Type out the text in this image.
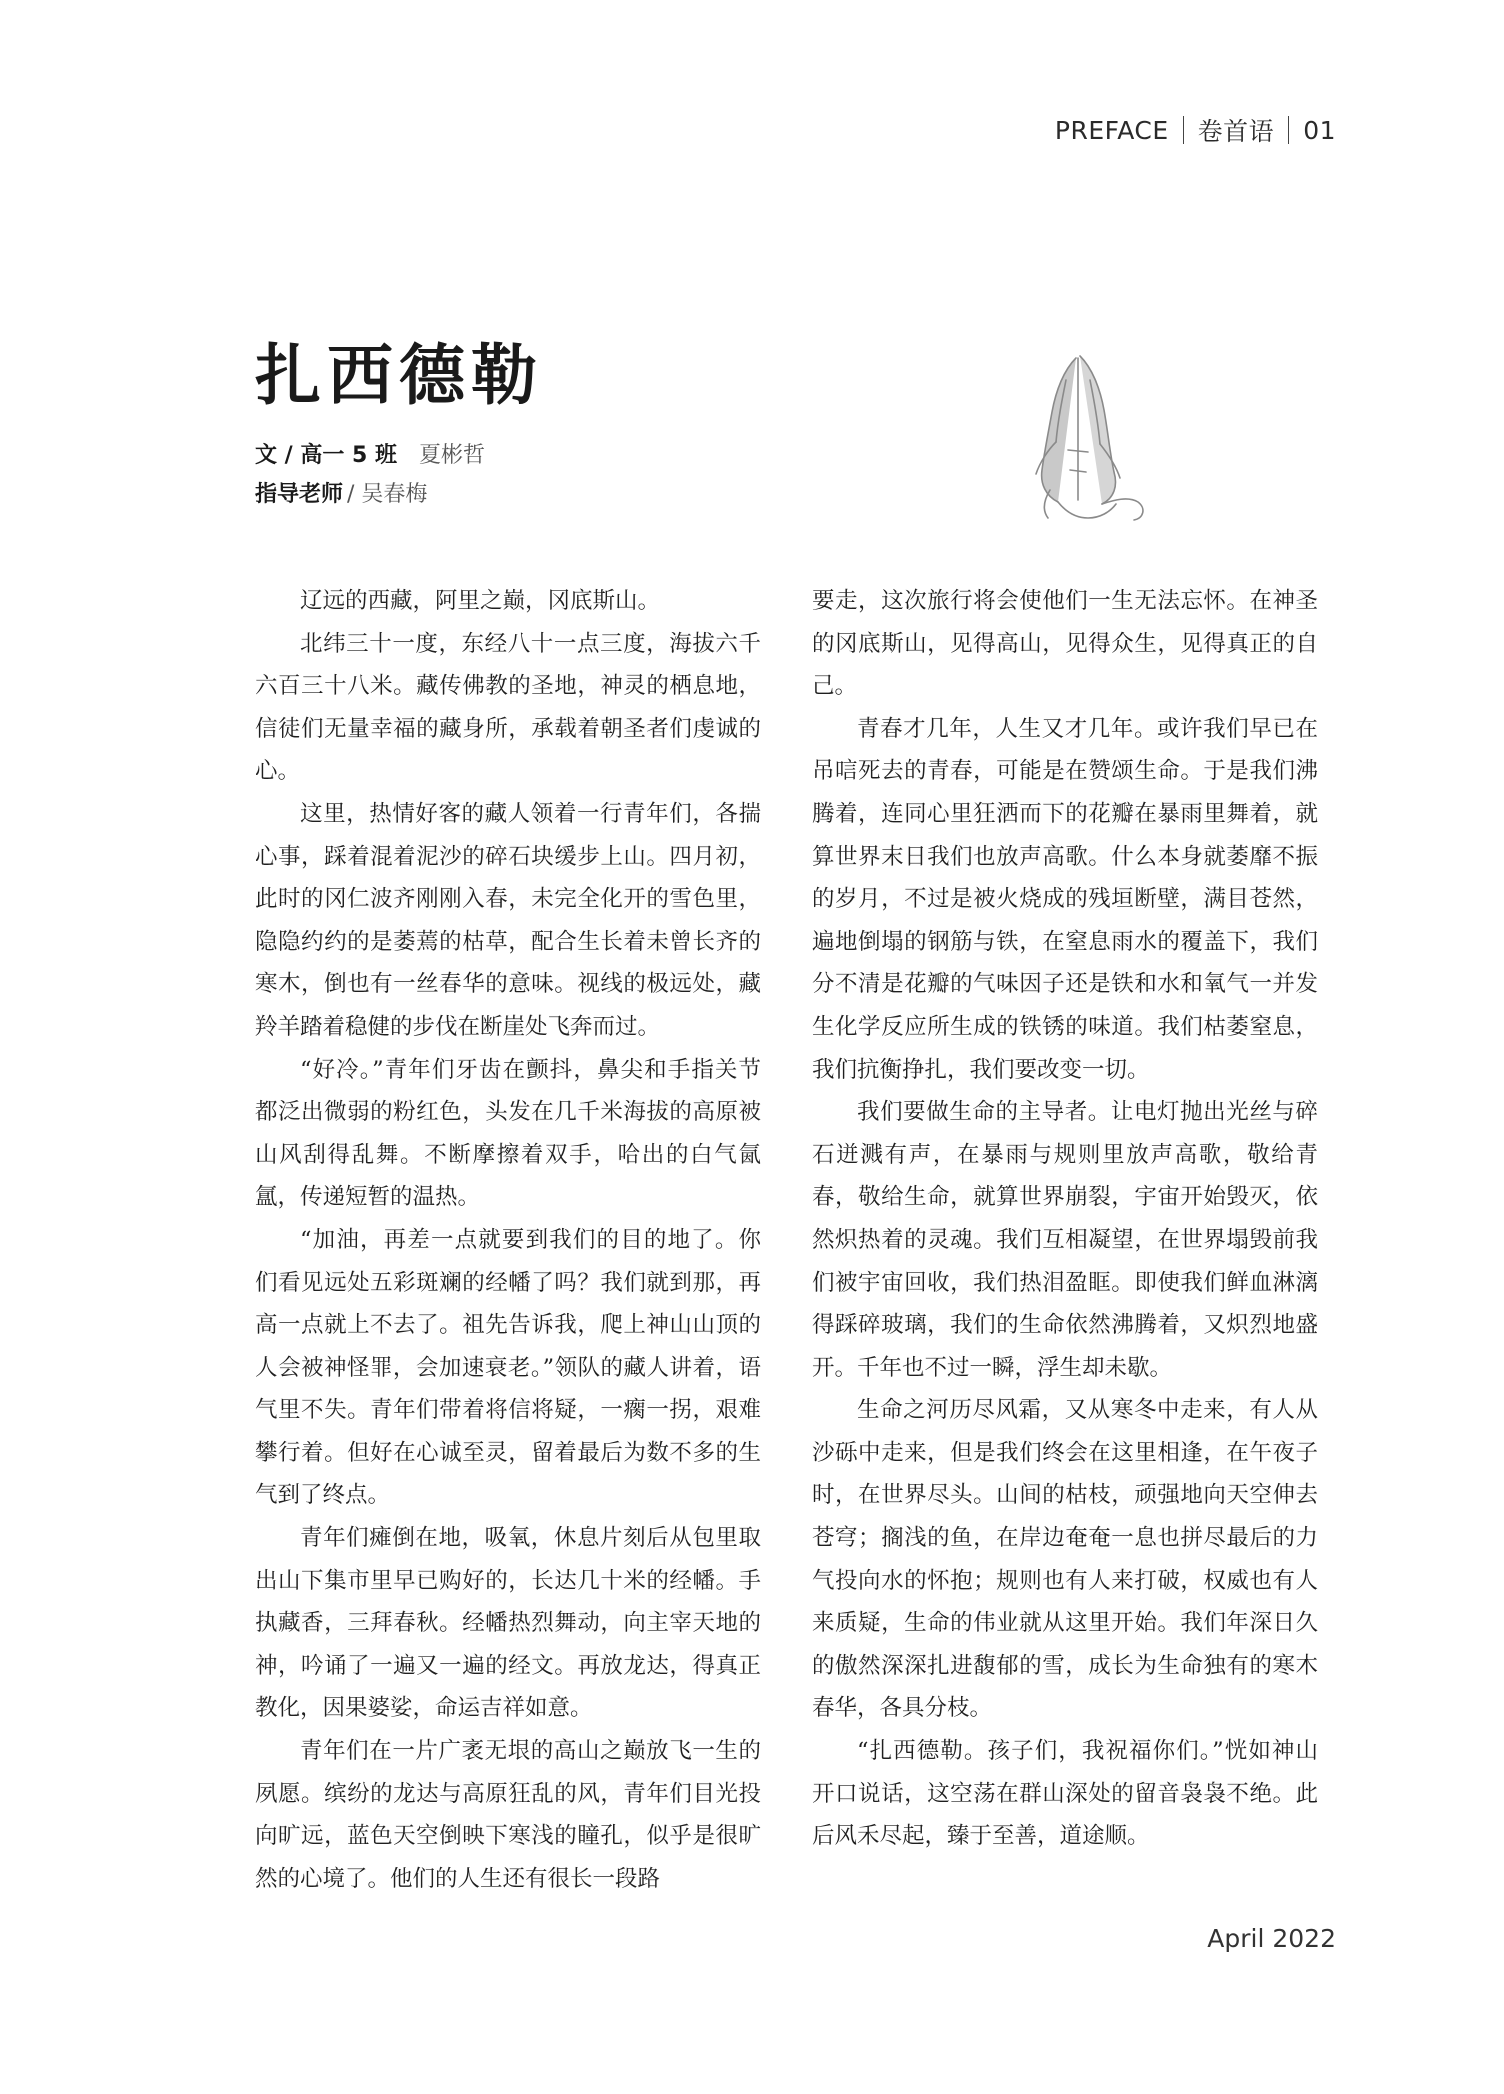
PREFACE 卷首语 01
扎西德勒
文 / 高一 5 班 夏彬哲
指导老师 / 吴春梅

辽远的西藏，阿里之巅，冈底斯山。

北纬三十一度，东经八十一点三度，海拔六千六百三十八米。藏传佛教的圣地，神灵的栖息地，信徒们无量幸福的藏身所，承载着朝圣者们虔诚的心。

这里，热情好客的藏人领着一行青年们，各揣心事，踩着混着泥沙的碎石块缓步上山。四月初，此时的冈仁波齐刚刚入春，未完全化开的雪色里，隐隐约约的是萎蔫的枯草，配合生长着未曾长齐的寒木，倒也有一丝春华的意味。视线的极远处，藏羚羊踏着稳健的步伐在断崖处飞奔而过。

“好冷。”青年们牙齿在颤抖，鼻尖和手指关节都泛出微弱的粉红色，头发在几千米海拔的高原被山风刮得乱舞。不断摩擦着双手，哈出的白气氤氲，传递短暂的温热。

“加油，再差一点就要到我们的目的地了。你们看见远处五彩斑斓的经幡了吗？我们就到那，再高一点就上不去了。祖先告诉我，爬上神山山顶的人会被神怪罪，会加速衰老。”领队的藏人讲着，语气里不失。青年们带着将信将疑，一瘸一拐，艰难攀行着。但好在心诚至灵，留着最后为数不多的生气到了终点。

青年们瘫倒在地，吸氧，休息片刻后从包里取出山下集市里早已购好的，长达几十米的经幡。手执藏香，三拜春秋。经幡热烈舞动，向主宰天地的神，吟诵了一遍又一遍的经文。再放龙达，得真正教化，因果婆娑，命运吉祥如意。

青年们在一片广袤无垠的高山之巅放飞一生的夙愿。缤纷的龙达与高原狂乱的风，青年们目光投向旷远，蓝色天空倒映下寒浅的瞳孔，似乎是很旷然的心境了。他们的人生还有很长一段路

要走，这次旅行将会使他们一生无法忘怀。在神圣的冈底斯山，见得高山，见得众生，见得真正的自己。

青春才几年，人生又才几年。或许我们早已在吊唁死去的青春，可能是在赞颂生命。于是我们沸腾着，连同心里狂洒而下的花瓣在暴雨里舞着，就算世界末日我们也放声高歌。什么本身就萎靡不振的岁月，不过是被火烧成的残垣断壁，满目苍然，遍地倒塌的钢筋与铁，在窒息雨水的覆盖下，我们分不清是花瓣的气味因子还是铁和水和氧气一并发生化学反应所生成的铁锈的味道。我们枯萎窒息，我们抗衡挣扎，我们要改变一切。

我们要做生命的主导者。让电灯抛出光丝与碎石迸溅有声，在暴雨与规则里放声高歌，敬给青春，敬给生命，就算世界崩裂，宇宙开始毁灭，依然炽热着的灵魂。我们互相凝望，在世界塌毁前我们被宇宙回收，我们热泪盈眶。即使我们鲜血淋漓得踩碎玻璃，我们的生命依然沸腾着，又炽烈地盛开。千年也不过一瞬，浮生却未歇。

生命之河历尽风霜，又从寒冬中走来，有人从沙砾中走来，但是我们终会在这里相逢，在午夜子时，在世界尽头。山间的枯枝，顽强地向天空伸去苍穹；搁浅的鱼，在岸边奄奄一息也拼尽最后的力气投向水的怀抱；规则也有人来打破，权威也有人来质疑，生命的伟业就从这里开始。我们年深日久的傲然深深扎进馥郁的雪，成长为生命独有的寒木春华，各具分枝。

“扎西德勒。孩子们，我祝福你们。”恍如神山开口说话，这空荡在群山深处的留音袅袅不绝。此后风禾尽起，臻于至善，道途顺。

April 2022
